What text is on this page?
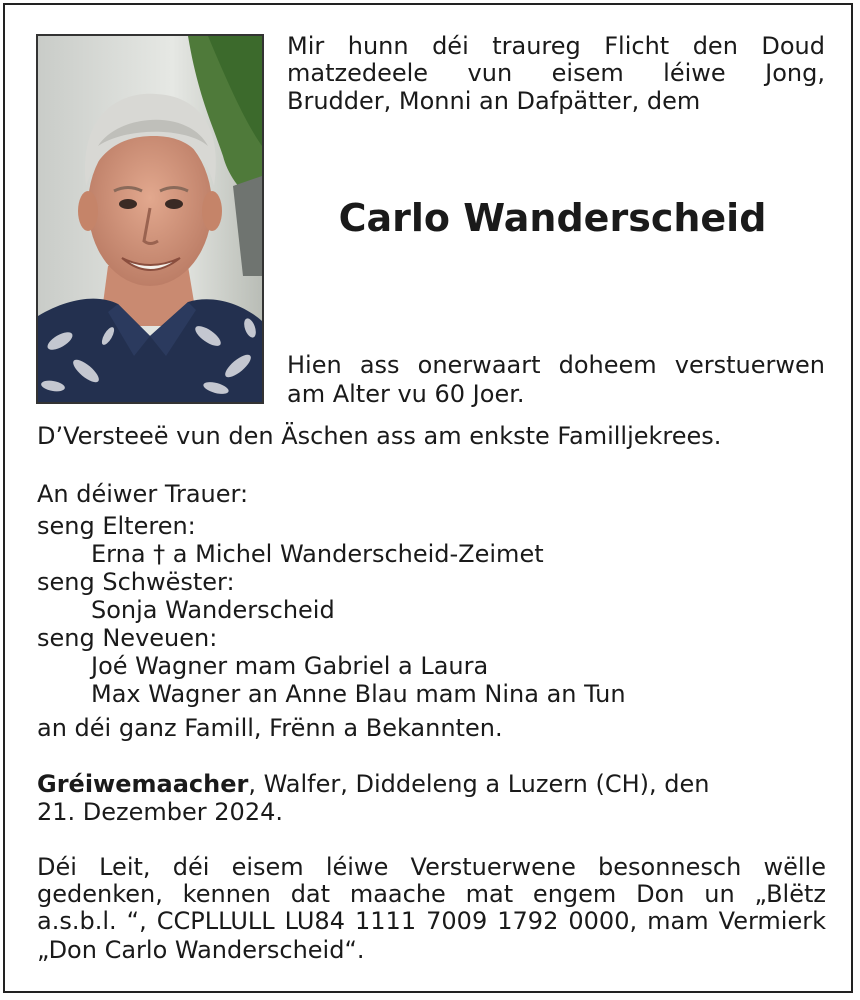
Mir hunn déi traureg Flicht den Doud
matzedeele vun eisem léiwe Jong,
Brudder, Monni an Dafpätter, dem
Carlo Wanderscheid
Hien ass onerwaart doheem verstuerwen
am Alter vu 60 Joer.
D’Versteeë vun den Äschen ass am enkste Familljekrees.
An déiwer Trauer:
seng Elteren:
Erna † a Michel Wanderscheid-Zeimet
seng Schwëster:
Sonja Wanderscheid
seng Neveuen:
Joé Wagner mam Gabriel a Laura
Max Wagner an Anne Blau mam Nina an Tun
an déi ganz Famill, Frënn a Bekannten.
Gréiwemaacher, Walfer, Diddeleng a Luzern (CH), den
21. Dezember 2024.
Déi Leit, déi eisem léiwe Verstuerwene besonnesch wëlle
gedenken, kennen dat maache mat engem Don un „Blëtz
a.s.b.l. “, CCPLLULL LU84 1111 7009 1792 0000, mam Vermierk
„Don Carlo Wanderscheid“.
